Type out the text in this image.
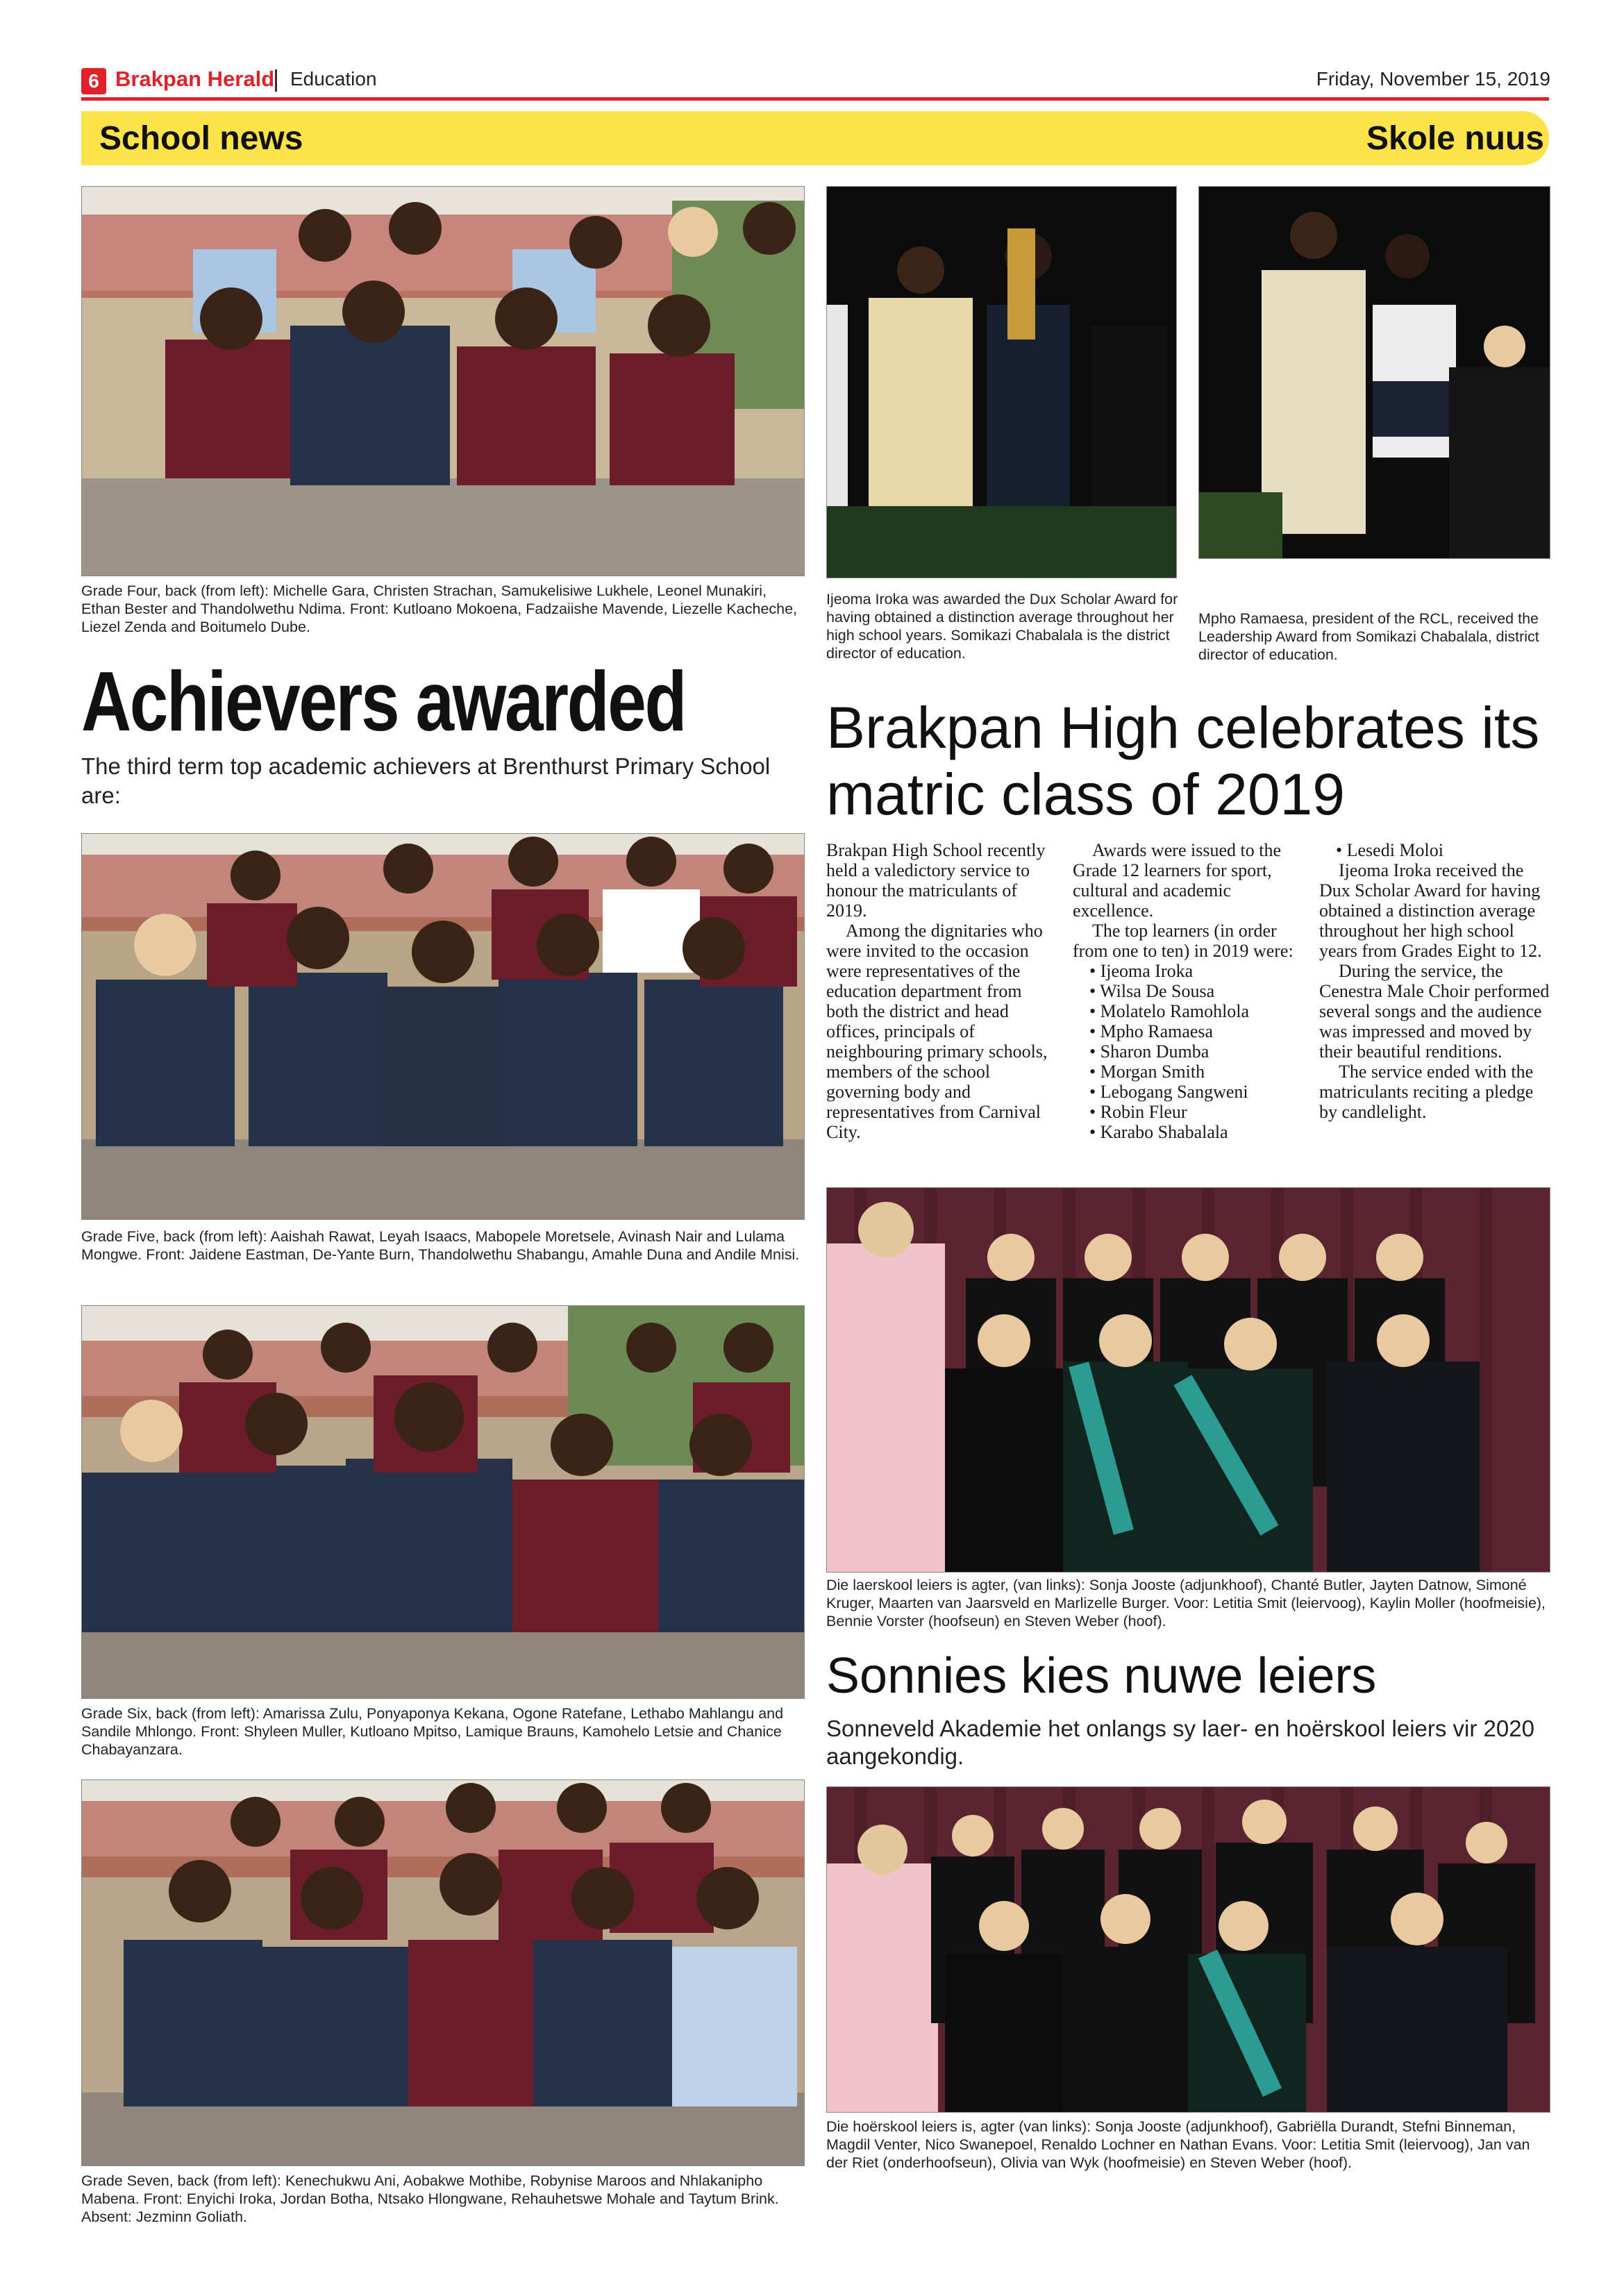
6 Brakpan Herald Education	Friday, November 15, 2019
School news	Skole nuus
Grade Four, back (from left): Michelle Gara, Christen Strachan, Samukelisiwe Lukhele, Leonel Munakiri, Ethan Bester and Thandolwethu Ndima. Front: Kutloano Mokoena, Fadzaiishe Mavende, Liezelle Kacheche, Liezel Zenda and Boitumelo Dube.
Ijeoma Iroka was awarded the Dux Scholar Award for having obtained a distinction average throughout her high school years. Somikazi Chabalala is the district director of education.
Mpho Ramaesa, president of the RCL, received the Leadership Award from Somikazi Chabalala, district director of education.
Achievers awarded
The third term top academic achievers at Brenthurst Primary School are:
Grade Five, back (from left): Aaishah Rawat, Leyah Isaacs, Mabopele Moretsele, Avinash Nair and Lulama Mongwe. Front: Jaidene Eastman, De-Yante Burn, Thandolwethu Shabangu, Amahle Duna and Andile Mnisi.
Brakpan High celebrates its matric class of 2019

Brakpan High School recently held a valedictory service to honour the matriculants of 2019.

Among the dignitaries who were invited to the occasion were representatives of the education department from both the district and head offices, principals of neighbouring primary schools, members of the school governing body and representatives from Carnival City.

Awards were issued to the Grade 12 learners for sport, cultural and academic excellence.

The top learners (in order from one to ten) in 2019 were:

• Ijeoma Iroka

• Wilsa De Sousa

• Molatelo Ramohlola

• Mpho Ramaesa

• Sharon Dumba

• Morgan Smith

• Lebogang Sangweni

• Robin Fleur

• Karabo Shabalala

• Lesedi Moloi

Ijeoma Iroka received the Dux Scholar Award for having obtained a distinction average throughout her high school years from Grades Eight to 12.

During the service, the Cenestra Male Choir performed several songs and the audience was impressed and moved by their beautiful renditions.

The service ended with the matriculants reciting a pledge by candlelight.

Grade Six, back (from left): Amarissa Zulu, Ponyaponya Kekana, Ogone Ratefane, Lethabo Mahlangu and Sandile Mhlongo. Front: Shyleen Muller, Kutloano Mpitso, Lamique Brauns, Kamohelo Letsie and Chanice Chabayanzara.
Die laerskool leiers is agter, (van links): Sonja Jooste (adjunkhoof), Chanté Butler, Jayten Datnow, Simoné Kruger, Maarten van Jaarsveld en Marlizelle Burger. Voor: Letitia Smit (leiervoog), Kaylin Moller (hoofmeisie), Bennie Vorster (hoofseun) en Steven Weber (hoof).
Sonnies kies nuwe leiers
Sonneveld Akademie het onlangs sy laer- en hoërskool leiers vir 2020 aangekondig.
Grade Seven, back (from left): Kenechukwu Ani, Aobakwe Mothibe, Robynise Maroos and Nhlakanipho Mabena. Front: Enyichi Iroka, Jordan Botha, Ntsako Hlongwane, Rehauhetswe Mohale and Taytum Brink. Absent: Jezminn Goliath.
Die hoërskool leiers is, agter (van links): Sonja Jooste (adjunkhoof), Gabriëlla Durandt, Stefni Binneman, Magdil Venter, Nico Swanepoel, Renaldo Lochner en Nathan Evans. Voor: Letitia Smit (leiervoog), Jan van der Riet (onderhoofseun), Olivia van Wyk (hoofmeisie) en Steven Weber (hoof).
